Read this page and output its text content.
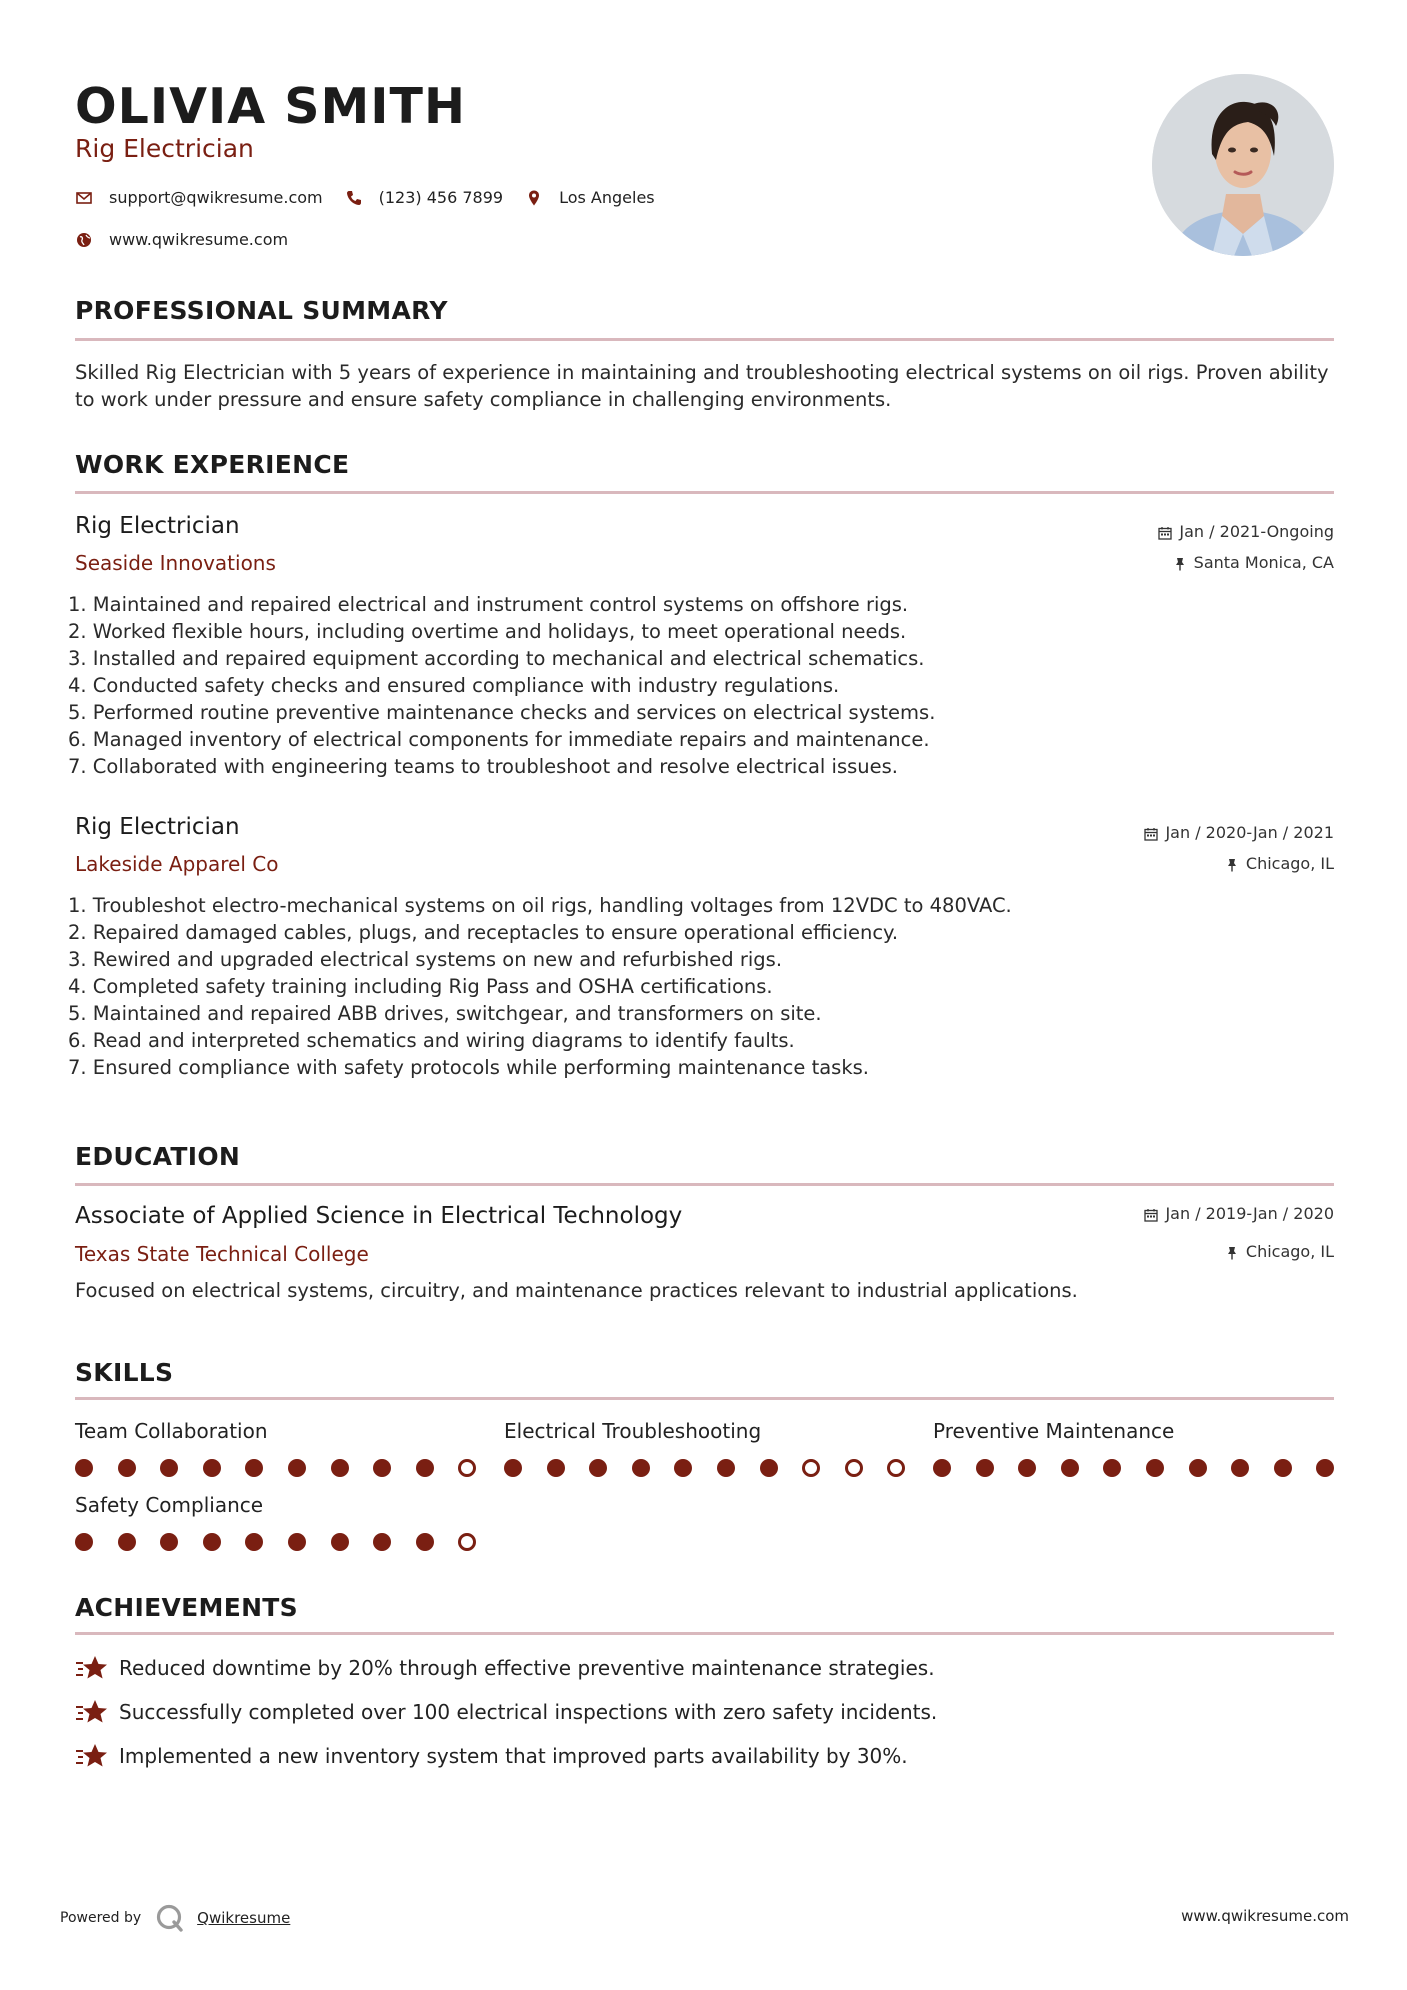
OLIVIA SMITH
Rig Electrician
support@qwikresume.com	(123) 456 7899	Los Angeles
www.qwikresume.com
PROFESSIONAL SUMMARY
Skilled Rig Electrician with 5 years of experience in maintaining and troubleshooting electrical systems on oil rigs. Proven ability to work under pressure and ensure safety compliance in challenging environments.
WORK EXPERIENCE
Rig Electrician
Seaside Innovations
Jan / 2021-Ongoing
Santa Monica, CA
1. Maintained and repaired electrical and instrument control systems on offshore rigs.
2. Worked flexible hours, including overtime and holidays, to meet operational needs.
3. Installed and repaired equipment according to mechanical and electrical schematics.
4. Conducted safety checks and ensured compliance with industry regulations.
5. Performed routine preventive maintenance checks and services on electrical systems.
6. Managed inventory of electrical components for immediate repairs and maintenance.
7. Collaborated with engineering teams to troubleshoot and resolve electrical issues.
Rig Electrician
Lakeside Apparel Co
Jan / 2020-Jan / 2021
Chicago, IL
1. Troubleshot electro-mechanical systems on oil rigs, handling voltages from 12VDC to 480VAC.
2. Repaired damaged cables, plugs, and receptacles to ensure operational efficiency.
3. Rewired and upgraded electrical systems on new and refurbished rigs.
4. Completed safety training including Rig Pass and OSHA certifications.
5. Maintained and repaired ABB drives, switchgear, and transformers on site.
6. Read and interpreted schematics and wiring diagrams to identify faults.
7. Ensured compliance with safety protocols while performing maintenance tasks.
EDUCATION
Associate of Applied Science in Electrical Technology
Texas State Technical College
Jan / 2019-Jan / 2020
Chicago, IL
Focused on electrical systems, circuitry, and maintenance practices relevant to industrial applications.
SKILLS
Team Collaboration	Electrical Troubleshooting	Preventive Maintenance
Safety Compliance
ACHIEVEMENTS
Reduced downtime by 20% through effective preventive maintenance strategies.
Successfully completed over 100 electrical inspections with zero safety incidents.
Implemented a new inventory system that improved parts availability by 30%.
Powered by	Qwikresume	www.qwikresume.com
